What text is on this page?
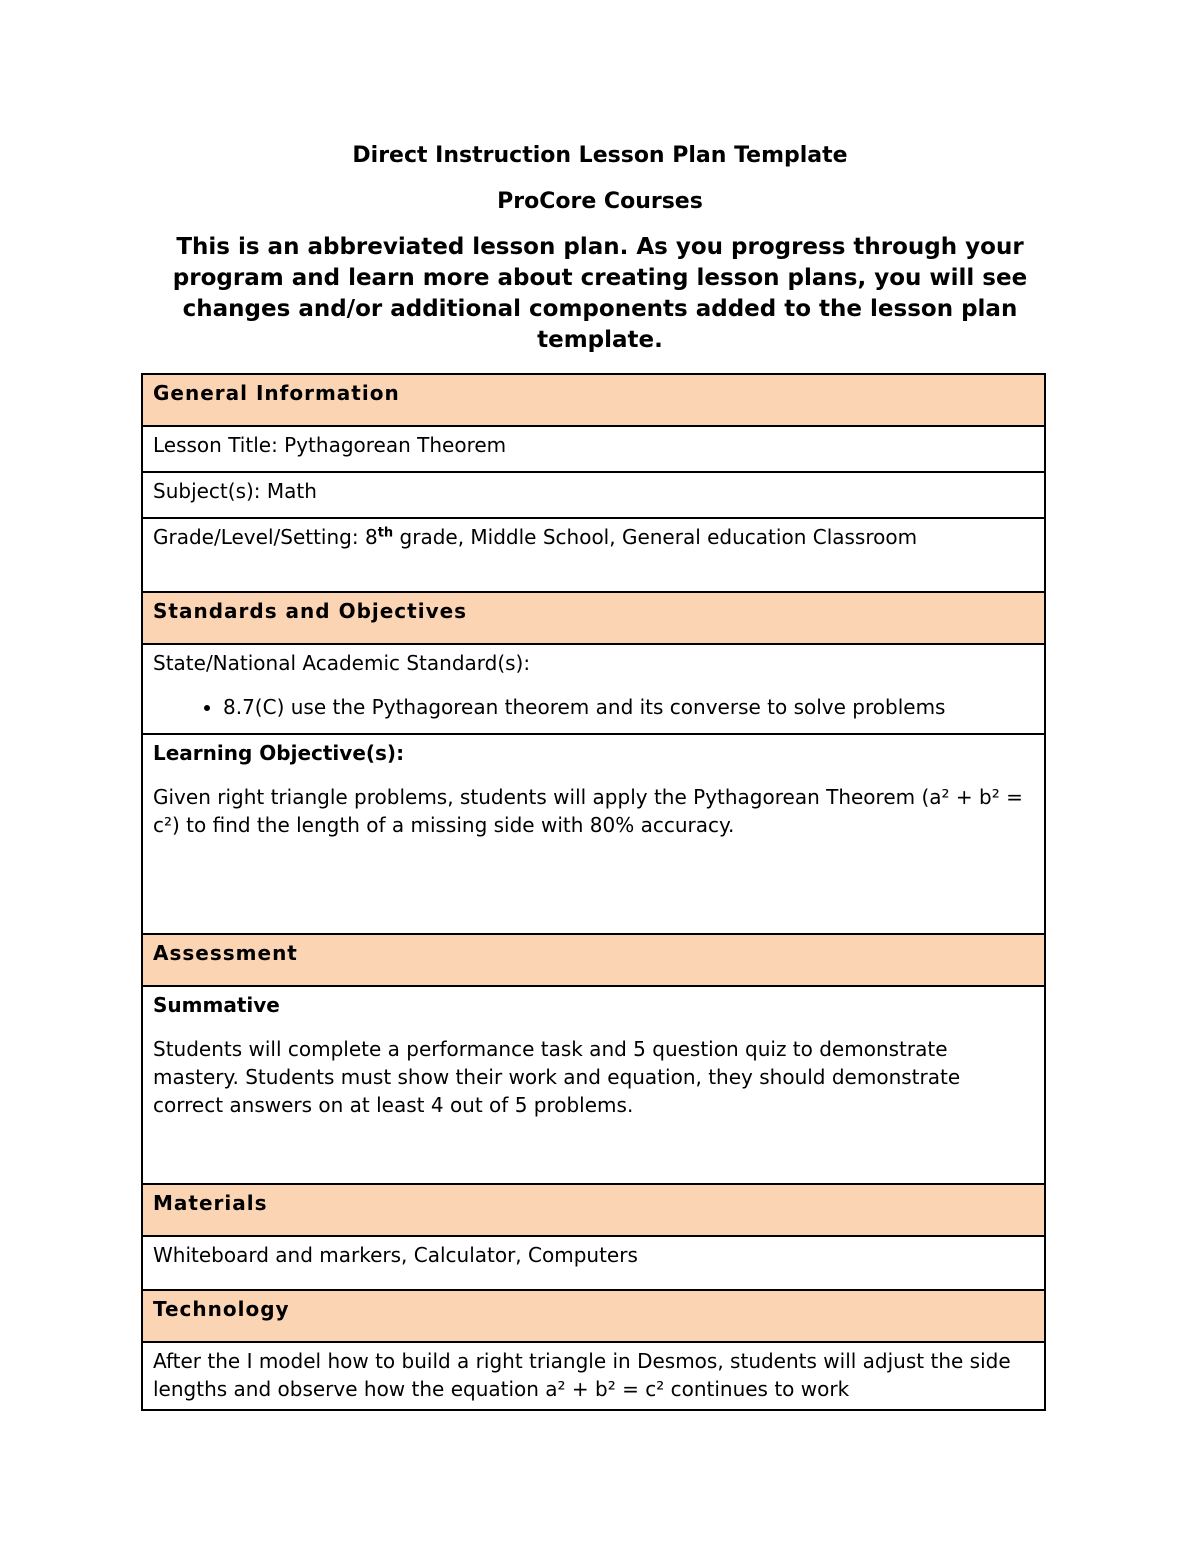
Direct Instruction Lesson Plan Template

ProCore Courses

This is an abbreviated lesson plan. As you progress through your program and learn more about creating lesson plans, you will see changes and/or additional components added to the lesson plan template.

General Information
Lesson Title: Pythagorean Theorem
Subject(s): Math
Grade/Level/Setting: 8th grade, Middle School, General education Classroom
Standards and Objectives

State/National Academic Standard(s):

• 8.7(C) use the Pythagorean theorem and its converse to solve problems

Learning Objective(s):

Given right triangle problems, students will apply the Pythagorean Theorem (a² + b² = c²) to find the length of a missing side with 80% accuracy.

Assessment

Summative

Students will complete a performance task and 5 question quiz to demonstrate mastery. Students must show their work and equation, they should demonstrate correct answers on at least 4 out of 5 problems.

Materials
Whiteboard and markers, Calculator, Computers
Technology
After the I model how to build a right triangle in Desmos, students will adjust the side lengths and observe how the equation a² + b² = c² continues to work
